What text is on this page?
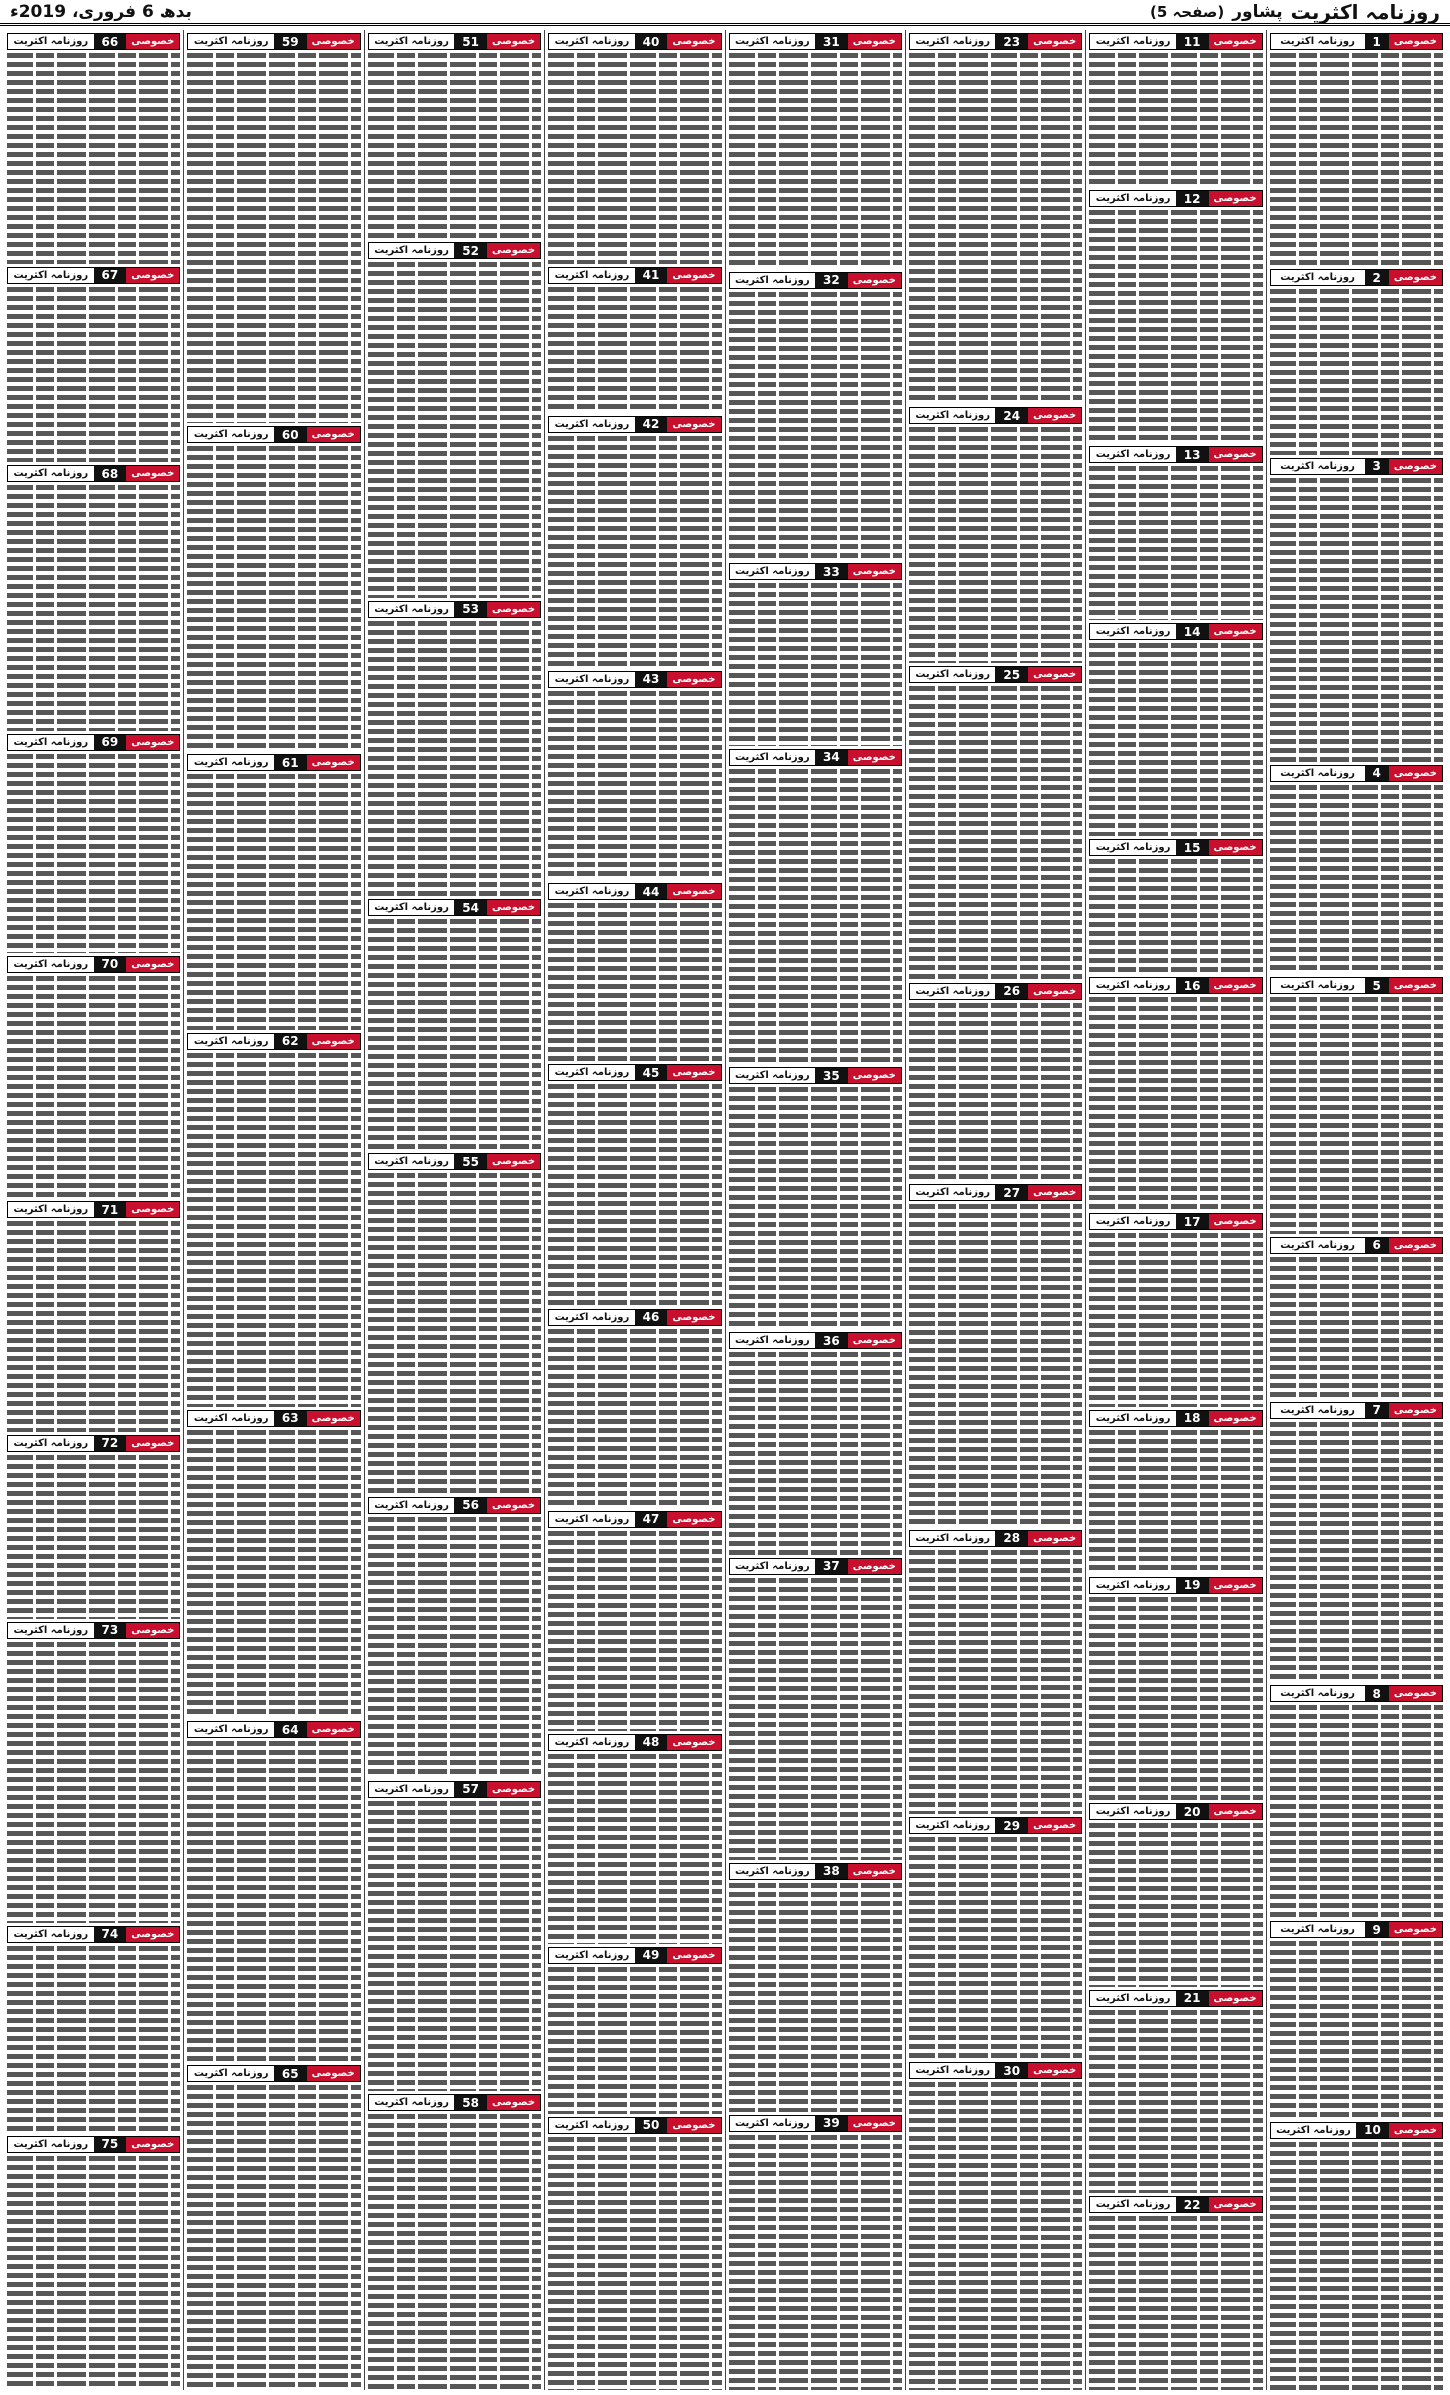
بدھ 6 فروری، 2019ء	روزنامہ اکثریت
پشاور
(صفحہ 5)
خصوصی
1
روزنامہ اکثریت
خصوصی
2
روزنامہ اکثریت
خصوصی
3
روزنامہ اکثریت
خصوصی
4
روزنامہ اکثریت
خصوصی
5
روزنامہ اکثریت
خصوصی
6
روزنامہ اکثریت
خصوصی
7
روزنامہ اکثریت
خصوصی
8
روزنامہ اکثریت
خصوصی
9
روزنامہ اکثریت
خصوصی
10
روزنامہ اکثریت
خصوصی
11
روزنامہ اکثریت
خصوصی
12
روزنامہ اکثریت
خصوصی
13
روزنامہ اکثریت
خصوصی
14
روزنامہ اکثریت
خصوصی
15
روزنامہ اکثریت
خصوصی
16
روزنامہ اکثریت
خصوصی
17
روزنامہ اکثریت
خصوصی
18
روزنامہ اکثریت
خصوصی
19
روزنامہ اکثریت
خصوصی
20
روزنامہ اکثریت
خصوصی
21
روزنامہ اکثریت
خصوصی
22
روزنامہ اکثریت
خصوصی
23
روزنامہ اکثریت
خصوصی
24
روزنامہ اکثریت
خصوصی
25
روزنامہ اکثریت
خصوصی
26
روزنامہ اکثریت
خصوصی
27
روزنامہ اکثریت
خصوصی
28
روزنامہ اکثریت
خصوصی
29
روزنامہ اکثریت
خصوصی
30
روزنامہ اکثریت
خصوصی
31
روزنامہ اکثریت
خصوصی
32
روزنامہ اکثریت
خصوصی
33
روزنامہ اکثریت
خصوصی
34
روزنامہ اکثریت
خصوصی
35
روزنامہ اکثریت
خصوصی
36
روزنامہ اکثریت
خصوصی
37
روزنامہ اکثریت
خصوصی
38
روزنامہ اکثریت
خصوصی
39
روزنامہ اکثریت
خصوصی
40
روزنامہ اکثریت
خصوصی
41
روزنامہ اکثریت
خصوصی
42
روزنامہ اکثریت
خصوصی
43
روزنامہ اکثریت
خصوصی
44
روزنامہ اکثریت
خصوصی
45
روزنامہ اکثریت
خصوصی
46
روزنامہ اکثریت
خصوصی
47
روزنامہ اکثریت
خصوصی
48
روزنامہ اکثریت
خصوصی
49
روزنامہ اکثریت
خصوصی
50
روزنامہ اکثریت
خصوصی
51
روزنامہ اکثریت
خصوصی
52
روزنامہ اکثریت
خصوصی
53
روزنامہ اکثریت
خصوصی
54
روزنامہ اکثریت
خصوصی
55
روزنامہ اکثریت
خصوصی
56
روزنامہ اکثریت
خصوصی
57
روزنامہ اکثریت
خصوصی
58
روزنامہ اکثریت
خصوصی
59
روزنامہ اکثریت
خصوصی
60
روزنامہ اکثریت
خصوصی
61
روزنامہ اکثریت
خصوصی
62
روزنامہ اکثریت
خصوصی
63
روزنامہ اکثریت
خصوصی
64
روزنامہ اکثریت
خصوصی
65
روزنامہ اکثریت
خصوصی
66
روزنامہ اکثریت
خصوصی
67
روزنامہ اکثریت
خصوصی
68
روزنامہ اکثریت
خصوصی
69
روزنامہ اکثریت
خصوصی
70
روزنامہ اکثریت
خصوصی
71
روزنامہ اکثریت
خصوصی
72
روزنامہ اکثریت
خصوصی
73
روزنامہ اکثریت
خصوصی
74
روزنامہ اکثریت
خصوصی
75
روزنامہ اکثریت
